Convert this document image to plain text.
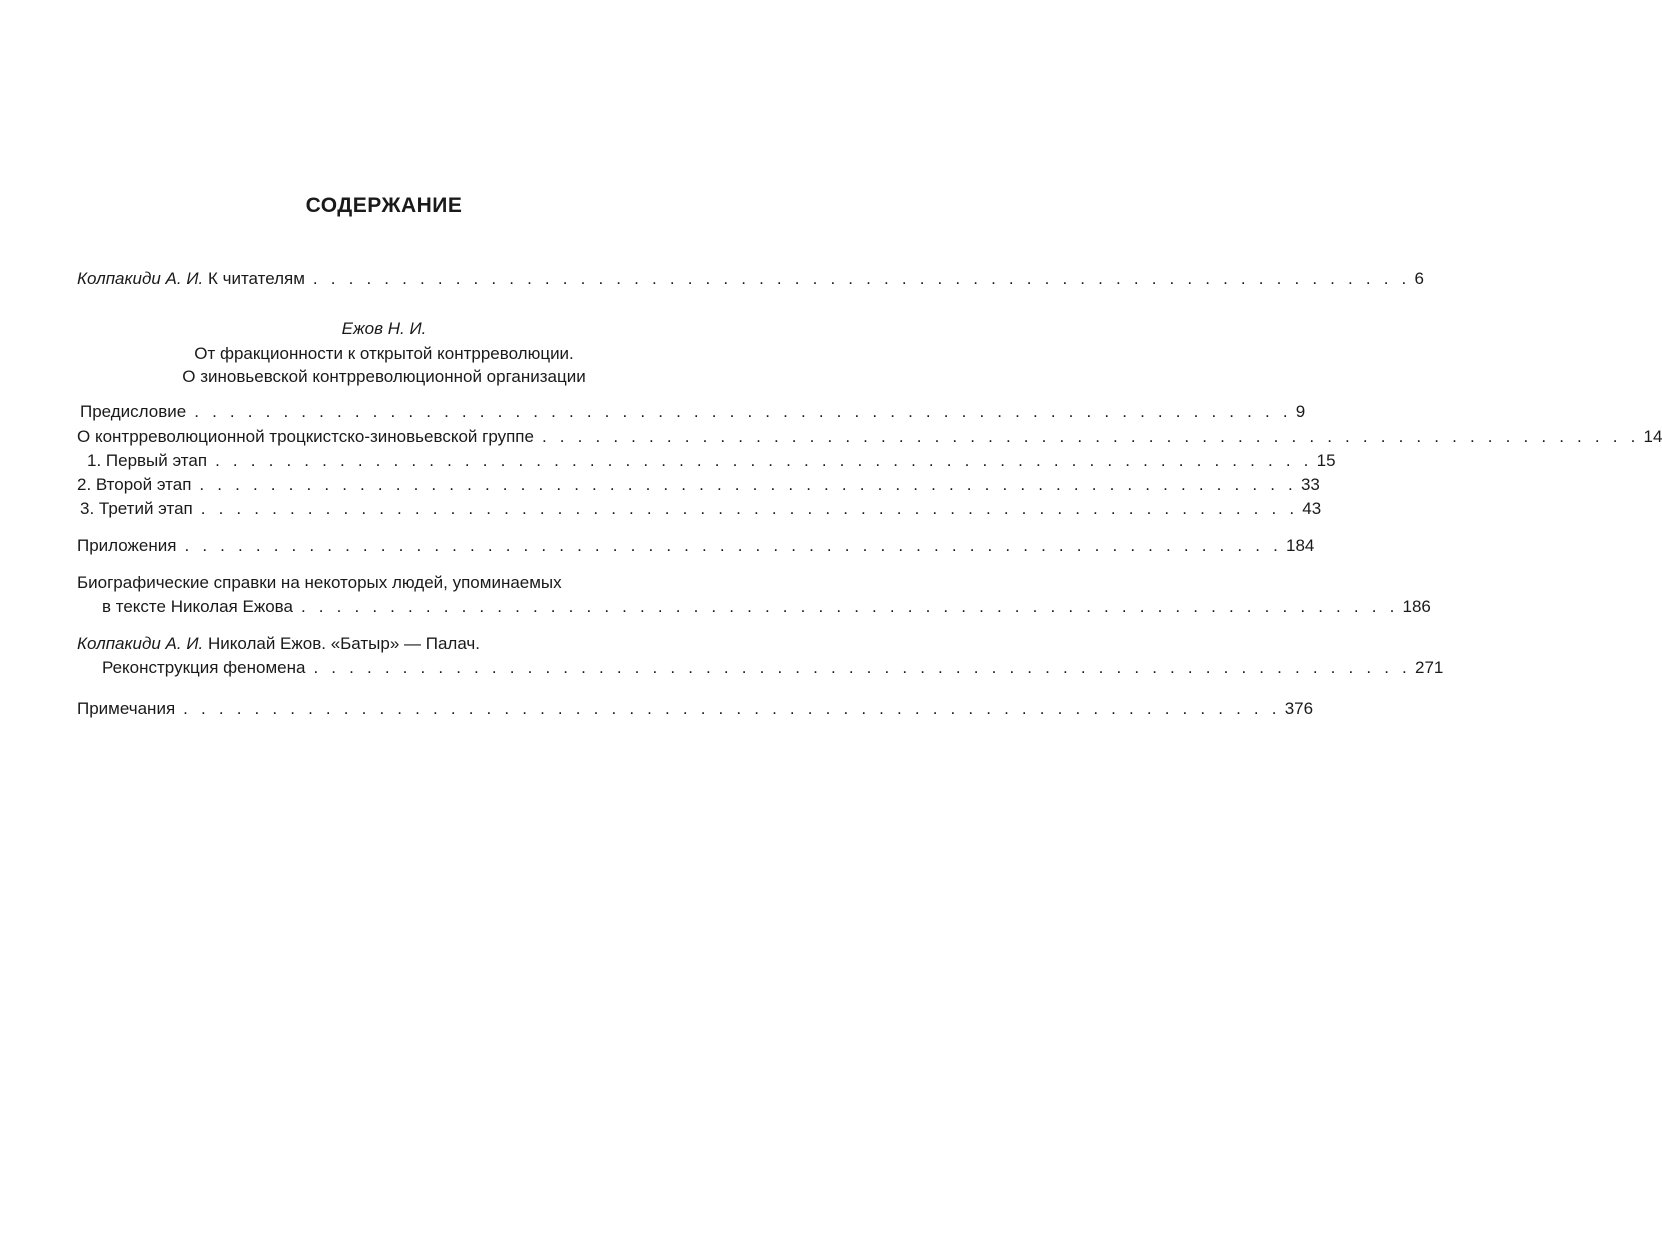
СОДЕРЖАНИЕ
Колпакиди А. И. К читателям . . . . . . . . . . . . . . . . . . . . . . . . . . . . . . . . . . . . . . . . . . . . . . . . . . . . . . . . . . . . . . 6
Ежов Н. И.
От фракционности к открытой контрреволюции.
О зиновьевской контрреволюционной организации
Предисловие . . . . . . . . . . . . . . . . . . . . . . . . . . . . . . . . . . . . . . . . . . . . . . . . . . . . . . . . . . . . . . 9
О контрреволюционной троцкистско-зиновьевской группе . . . . . . . . . . . . . . . . . . . . . . . . . . . . . . . . . . . . . . . . . . . . . . . . . . . . . . . . . . . . . . 14
1. Первый этап . . . . . . . . . . . . . . . . . . . . . . . . . . . . . . . . . . . . . . . . . . . . . . . . . . . . . . . . . . . . . . 15
2. Второй этап . . . . . . . . . . . . . . . . . . . . . . . . . . . . . . . . . . . . . . . . . . . . . . . . . . . . . . . . . . . . . . 33
3. Третий этап . . . . . . . . . . . . . . . . . . . . . . . . . . . . . . . . . . . . . . . . . . . . . . . . . . . . . . . . . . . . . . 43
Приложения . . . . . . . . . . . . . . . . . . . . . . . . . . . . . . . . . . . . . . . . . . . . . . . . . . . . . . . . . . . . . . 184
Биографические справки на некоторых людей, упоминаемых
в тексте Николая Ежова . . . . . . . . . . . . . . . . . . . . . . . . . . . . . . . . . . . . . . . . . . . . . . . . . . . . . . . . . . . . . . 186
Колпакиди А. И. Николай Ежов. «Батыр» — Палач.
Реконструкция феномена . . . . . . . . . . . . . . . . . . . . . . . . . . . . . . . . . . . . . . . . . . . . . . . . . . . . . . . . . . . . . . 271
Примечания . . . . . . . . . . . . . . . . . . . . . . . . . . . . . . . . . . . . . . . . . . . . . . . . . . . . . . . . . . . . . . 376
